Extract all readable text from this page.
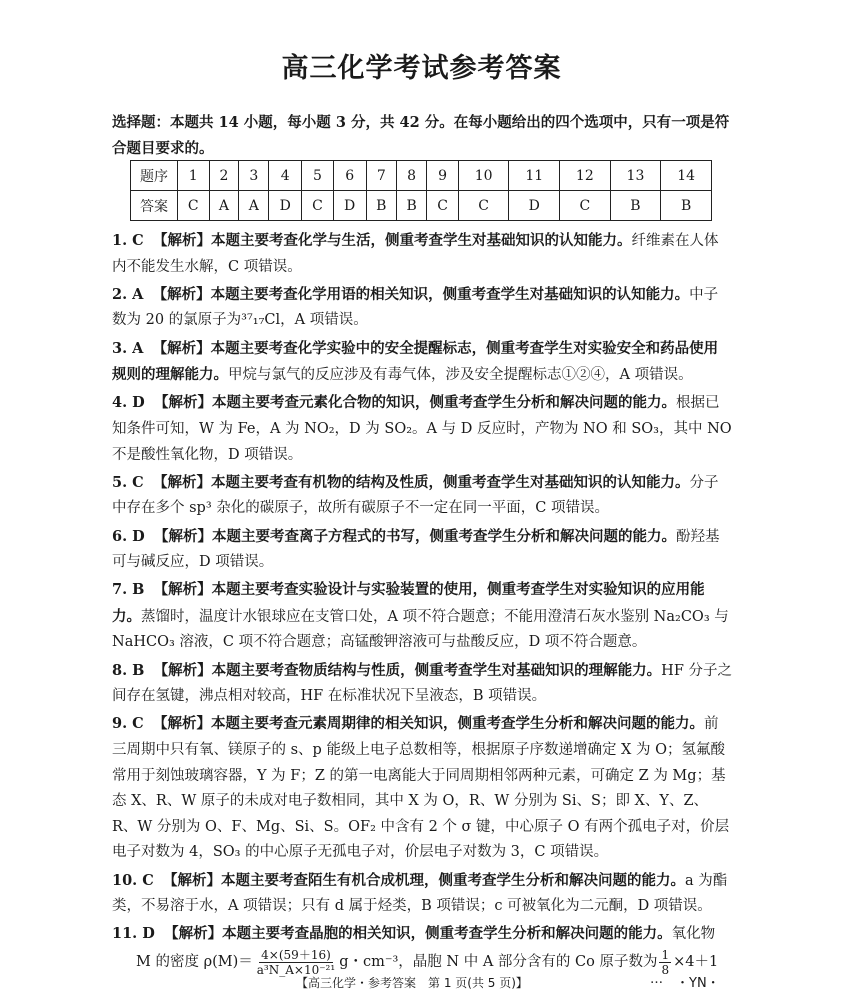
高三化学考试参考答案
选择题：本题共 14 小题，每小题 3 分，共 42 分。在每小题给出的四个选项中，只有一项是符合题目要求的。
题序	1	2	3	4	5	6	7	8	9	10	11	12	13	14
答案	C	A	A	D	C	D	B	B	C	C	D	C	B	B
1. C 【解析】本题主要考查化学与生活，侧重考查学生对基础知识的认知能力。纤维素在人体内不能发生水解，C 项错误。
2. A 【解析】本题主要考查化学用语的相关知识，侧重考查学生对基础知识的认知能力。中子数为 20 的氯原子为³⁷₁₇Cl，A 项错误。
3. A 【解析】本题主要考查化学实验中的安全提醒标志，侧重考查学生对实验安全和药品使用规则的理解能力。甲烷与氯气的反应涉及有毒气体，涉及安全提醒标志①②④，A 项错误。
4. D 【解析】本题主要考查元素化合物的知识，侧重考查学生分析和解决问题的能力。根据已知条件可知，W 为 Fe，A 为 NO₂，D 为 SO₂。A 与 D 反应时，产物为 NO 和 SO₃，其中 NO 不是酸性氧化物，D 项错误。
5. C 【解析】本题主要考查有机物的结构及性质，侧重考查学生对基础知识的认知能力。分子中存在多个 sp³ 杂化的碳原子，故所有碳原子不一定在同一平面，C 项错误。
6. D 【解析】本题主要考查离子方程式的书写，侧重考查学生分析和解决问题的能力。酚羟基可与碱反应，D 项错误。
7. B 【解析】本题主要考查实验设计与实验装置的使用，侧重考查学生对实验知识的应用能力。蒸馏时，温度计水银球应在支管口处，A 项不符合题意；不能用澄清石灰水鉴别 Na₂CO₃ 与 NaHCO₃ 溶液，C 项不符合题意；高锰酸钾溶液可与盐酸反应，D 项不符合题意。
8. B 【解析】本题主要考查物质结构与性质，侧重考查学生对基础知识的理解能力。HF 分子之间存在氢键，沸点相对较高，HF 在标准状况下呈液态，B 项错误。
9. C 【解析】本题主要考查元素周期律的相关知识，侧重考查学生分析和解决问题的能力。前三周期中只有氧、镁原子的 s、p 能级上电子总数相等，根据原子序数递增确定 X 为 O；氢氟酸常用于刻蚀玻璃容器，Y 为 F；Z 的第一电离能大于同周期相邻两种元素，可确定 Z 为 Mg；基态 X、R、W 原子的未成对电子数相同，其中 X 为 O，R、W 分别为 Si、S；即 X、Y、Z、R、W 分别为 O、F、Mg、Si、S。OF₂ 中含有 2 个 σ 键，中心原子 O 有两个孤电子对，价层电子对数为 4，SO₃ 的中心原子无孤电子对，价层电子对数为 3，C 项错误。
10. C 【解析】本题主要考查陌生有机合成机理，侧重考查学生分析和解决问题的能力。a 为酯类，不易溶于水，A 项错误；只有 d 属于烃类，B 项错误；c 可被氧化为二元酮，D 项错误。
11. D 【解析】本题主要考查晶胞的相关知识，侧重考查学生分析和解决问题的能力。氧化物
M 的密度 $\rho(M)= \frac{4\times(59+16)}{\text{a³N\_A×10⁻²¹}}$ g・cm⁻³，晶胞 N 中 A 部分含有的 Co 原子数为 $\frac{1}{8} \times 4+1$
【高三化学・参考答案　第 1 页(共 5 页)】	… ・YN・
